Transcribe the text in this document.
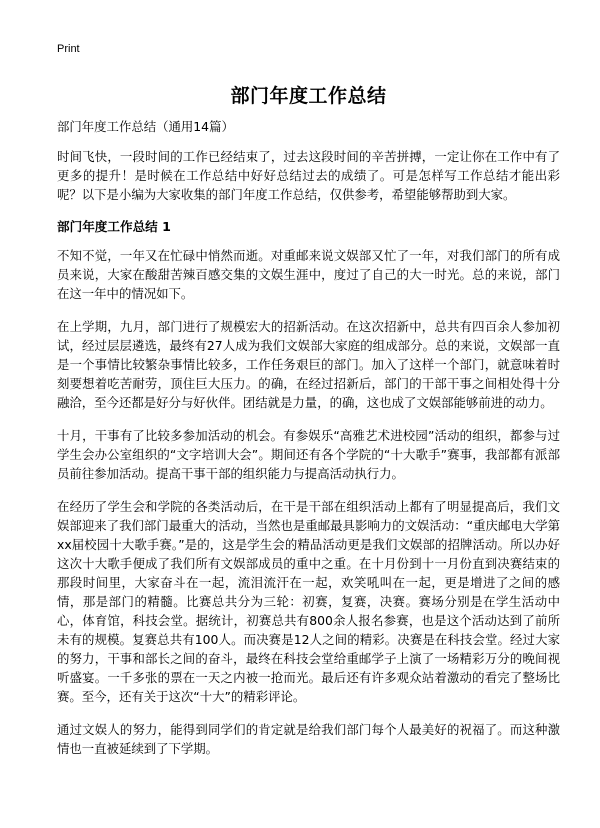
Print
部门年度工作总结

部门年度工作总结（通用14篇）

时间飞快，一段时间的工作已经结束了，过去这段时间的辛苦拼搏，一定让你在工作中有了更多的提升！是时候在工作总结中好好总结过去的成绩了。可是怎样写工作总结才能出彩呢？以下是小编为大家收集的部门年度工作总结，仅供参考，希望能够帮助到大家。

部门年度工作总结 1

不知不觉，一年又在忙碌中悄然而逝。对重邮来说文娱部又忙了一年，对我们部门的所有成员来说，大家在酸甜苦辣百感交集的文娱生涯中，度过了自己的大一时光。总的来说，部门在这一年中的情况如下。

在上学期，九月，部门进行了规模宏大的招新活动。在这次招新中，总共有四百余人参加初试，经过层层遴选，最终有27人成为我们文娱部大家庭的组成部分。总的来说，文娱部一直是一个事情比较繁杂事情比较多，工作任务艰巨的部门。加入了这样一个部门，就意味着时刻要想着吃苦耐劳，顶住巨大压力。的确，在经过招新后，部门的干部干事之间相处得十分融洽，至今还都是好分与好伙伴。团结就是力量，的确，这也成了文娱部能够前进的动力。

十月，干事有了比较多参加活动的机会。有参娱乐“高雅艺术进校园”活动的组织，都参与过学生会办公室组织的“文字培训大会”。期间还有各个学院的“十大歌手”赛事，我部都有派部员前往参加活动。提高干事干部的组织能力与提高活动执行力。

在经历了学生会和学院的各类活动后，在干是干部在组织活动上都有了明显提高后，我们文娱部迎来了我们部门最重大的活动，当然也是重邮最具影响力的文娱活动：“重庆邮电大学第xx届校园十大歌手赛。”是的，这是学生会的精品活动更是我们文娱部的招牌活动。所以办好这次十大歌手便成了我们所有文娱部成员的重中之重。在十月份到十一月份直到决赛结束的那段时间里，大家奋斗在一起，流泪流汗在一起，欢笑吼叫在一起，更是增进了之间的感情，那是部门的精髓。比赛总共分为三轮：初赛，复赛，决赛。赛场分别是在学生活动中心，体育馆，科技会堂。据统计，初赛总共有800余人报名参赛，也是这个活动达到了前所未有的规模。复赛总共有100人。而决赛是12人之间的精彩。决赛是在科技会堂。经过大家的努力，干事和部长之间的奋斗，最终在科技会堂给重邮学子上演了一场精彩万分的晚间视听盛宴。一千多张的票在一天之内被一抢而光。最后还有许多观众站着激动的看完了整场比赛。至今，还有关于这次“十大”的精彩评论。

通过文娱人的努力，能得到同学们的肯定就是给我们部门每个人最美好的祝福了。而这种激情也一直被延续到了下学期。
